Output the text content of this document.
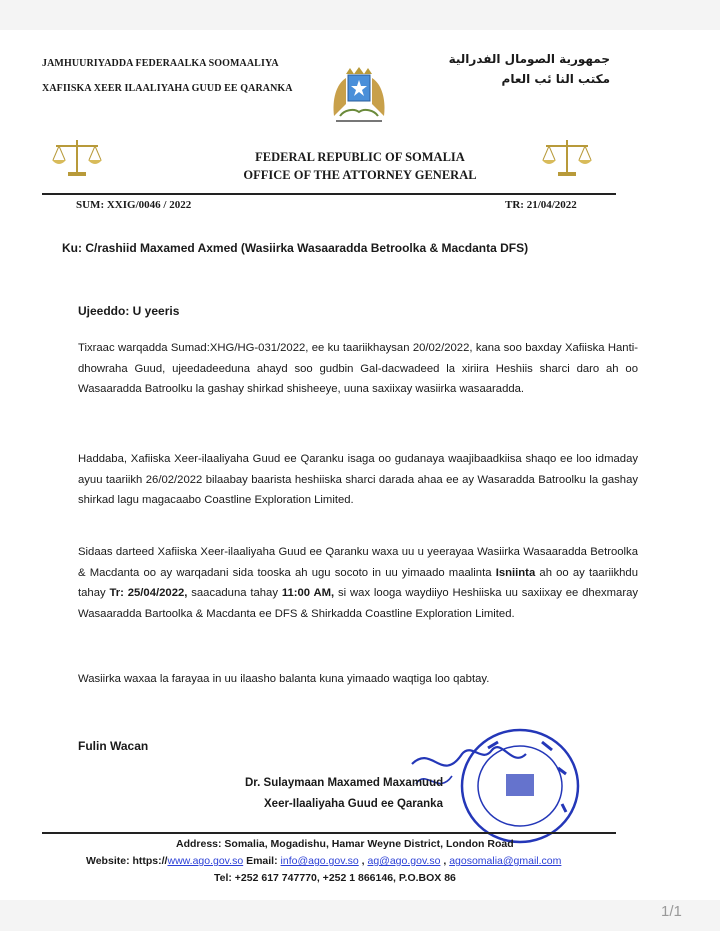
JAMHUURIYADDA FEDERAALKA SOOMAALIYA
XAFIISKA XEER ILAALIYAHA GUUD EE QARANKA
جمهورية الصومال الفدرالية
مكتب النا ئب العام
FEDERAL REPUBLIC OF SOMALIA
OFFICE OF THE ATTORNEY GENERAL
SUM: XXIG/0046 / 2022	TR: 21/04/2022
Ku: C/rashiid Maxamed Axmed (Wasiirka Wasaaradda Betroolka & Macdanta DFS)
Ujeeddo: U yeeris
Tixraac warqadda Sumad:XHG/HG-031/2022, ee ku taariikhaysan 20/02/2022, kana soo baxday Xafiiska Hanti-dhowraha Guud, ujeedadeeduna ahayd soo gudbin Gal-dacwadeed la xiriira Heshiis sharci daro ah oo Wasaaradda Batroolku la gashay shirkad shisheeye, uuna saxiixay wasiirka wasaaradda.
Haddaba, Xafiiska Xeer-ilaaliyaha Guud ee Qaranku isaga oo gudanaya waajibaadkiisa shaqo ee loo idmaday ayuu taariikh 26/02/2022 bilaabay baarista heshiiska sharci darada ahaa ee ay Wasaradda Batroolku la gashay shirkad lagu magacaabo Coastline Exploration Limited.
Sidaas darteed Xafiiska Xeer-ilaaliyaha Guud ee Qaranku waxa uu u yeerayaa Wasiirka Wasaaradda Betroolka & Macdanta oo ay warqadani sida tooska ah ugu socoto in uu yimaado maalinta Isniinta ah oo ay taariikhdu tahay Tr: 25/04/2022, saacaduna tahay 11:00 AM, si wax looga waydiiyo Heshiiska uu saxiixay ee dhexmaray Wasaaradda Bartoolka & Macdanta ee DFS & Shirkadda Coastline Exploration Limited.
Wasiirka waxaa la farayaa in uu ilaasho balanta kuna yimaado waqtiga loo qabtay.
Fulin Wacan
Dr. Sulaymaan Maxamed Maxamuud
Xeer-Ilaaliyaha Guud ee Qaranka
Address: Somalia, Mogadishu, Hamar Weyne District, London Road
Website: https://www.ago.gov.so Email: info@ago.gov.so , ag@ago.gov.so , agosomalia@gmail.com
Tel: +252 617 747770, +252 1 866146, P.O.BOX 86
1/1
